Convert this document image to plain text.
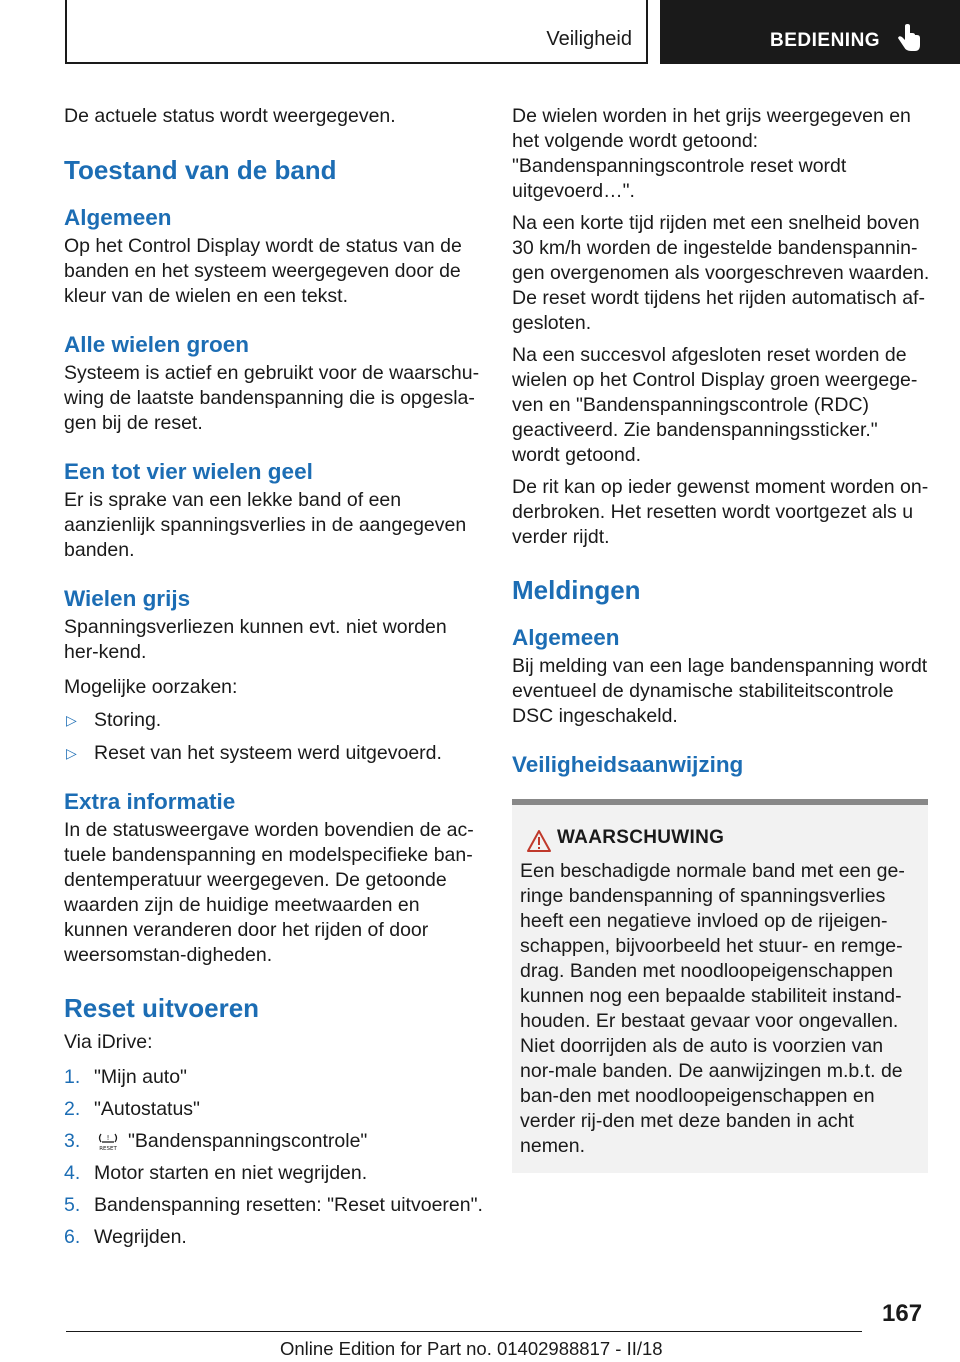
Veiligheid	BEDIENING

De actuele status wordt weergegeven.

Toestand van de band
Algemeen

Op het Control Display wordt de status van de banden en het systeem weergegeven door de kleur van de wielen en een tekst.

Alle wielen groen

Systeem is actief en gebruikt voor de waarschu‐wing de laatste bandenspanning die is opgesla‐gen bij de reset.

Een tot vier wielen geel

Er is sprake van een lekke band of een aanzienlijk spanningsverlies in de aangegeven banden.

Wielen grijs

Spanningsverliezen kunnen evt. niet worden her‐kend.

Mogelijke oorzaken:

▷ Storing.
▷ Reset van het systeem werd uitgevoerd.
Extra informatie

In de statusweergave worden bovendien de ac‐tuele bandenspanning en modelspecifieke ban‐dentemperatuur weergegeven. De getoonde waarden zijn de huidige meetwaarden en kunnen veranderen door het rijden of door weersomstan‐digheden.

Reset uitvoeren

Via iDrive:

1. "Mijn auto"
2. "Autostatus"
3.	!
RESET "Bandenspanningscontrole"
4. Motor starten en niet wegrijden.
5. Bandenspanning resetten: "Reset uitvoeren".
6. Wegrijden.

De wielen worden in het grijs weergegeven en het volgende wordt getoond: "Bandenspanningscontrole reset wordt uitgevoerd…".

Na een korte tijd rijden met een snelheid boven 30 km/h worden de ingestelde bandenspannin‐gen overgenomen als voorgeschreven waarden. De reset wordt tijdens het rijden automatisch af‐gesloten.

Na een succesvol afgesloten reset worden de wielen op het Control Display groen weergege‐ven en "Bandenspanningscontrole (RDC) geactiveerd. Zie bandenspanningssticker." wordt getoond.

De rit kan op ieder gewenst moment worden on‐derbroken. Het resetten wordt voortgezet als u verder rijdt.

Meldingen
Algemeen

Bij melding van een lage bandenspanning wordt eventueel de dynamische stabiliteitscontrole DSC ingeschakeld.

Veiligheidsaanwijzing
WAARSCHUWING

Een beschadigde normale band met een ge‐ringe bandenspanning of spanningsverlies heeft een negatieve invloed op de rijeigen‐schappen, bijvoorbeeld het stuur- en remge‐drag. Banden met noodloopeigenschappen kunnen nog een bepaalde stabiliteit instand‐houden. Er bestaat gevaar voor ongevallen. Niet doorrijden als de auto is voorzien van nor‐male banden. De aanwijzingen m.b.t. de ban‐den met noodloopeigenschappen en verder rij‐den met deze banden in acht nemen.

167
Online Edition for Part no. 01402988817 - II/18
